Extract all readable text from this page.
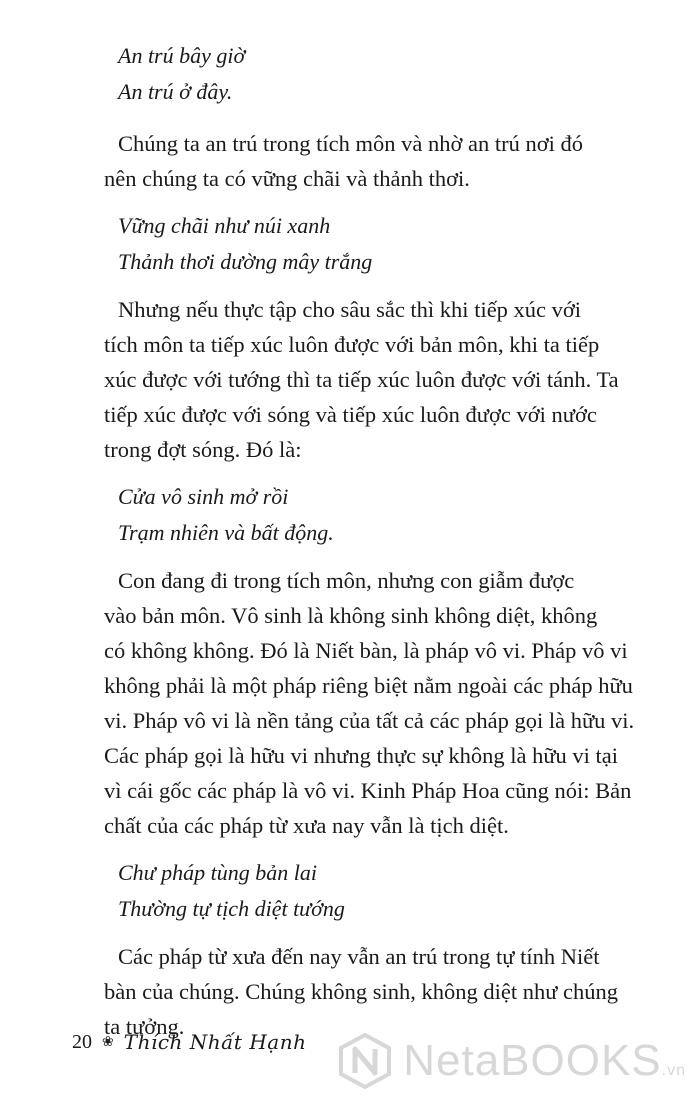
An trú bây giờ
An trú ở đây.
Chúng ta an trú trong tích môn và nhờ an trú nơi đó
nên chúng ta có vững chãi và thảnh thơi.
Vững chãi như núi xanh
Thảnh thơi dường mây trắng
Nhưng nếu thực tập cho sâu sắc thì khi tiếp xúc với
tích môn ta tiếp xúc luôn được với bản môn, khi ta tiếp
xúc được với tướng thì ta tiếp xúc luôn được với tánh. Ta
tiếp xúc được với sóng và tiếp xúc luôn được với nước
trong đợt sóng. Đó là:
Cửa vô sinh mở rồi
Trạm nhiên và bất động.
Con đang đi trong tích môn, nhưng con giẫm được
vào bản môn. Vô sinh là không sinh không diệt, không
có không không. Đó là Niết bàn, là pháp vô vi. Pháp vô vi
không phải là một pháp riêng biệt nằm ngoài các pháp hữu
vi. Pháp vô vi là nền tảng của tất cả các pháp gọi là hữu vi.
Các pháp gọi là hữu vi nhưng thực sự không là hữu vi tại
vì cái gốc các pháp là vô vi. Kinh Pháp Hoa cũng nói: Bản
chất của các pháp từ xưa nay vẫn là tịch diệt.
Chư pháp tùng bản lai
Thường tự tịch diệt tướng
Các pháp từ xưa đến nay vẫn an trú trong tự tính Niết
bàn của chúng. Chúng không sinh, không diệt như chúng
ta tưởng.
20 ❀ Thích Nhất Hạnh NetaBOOKS.vn
